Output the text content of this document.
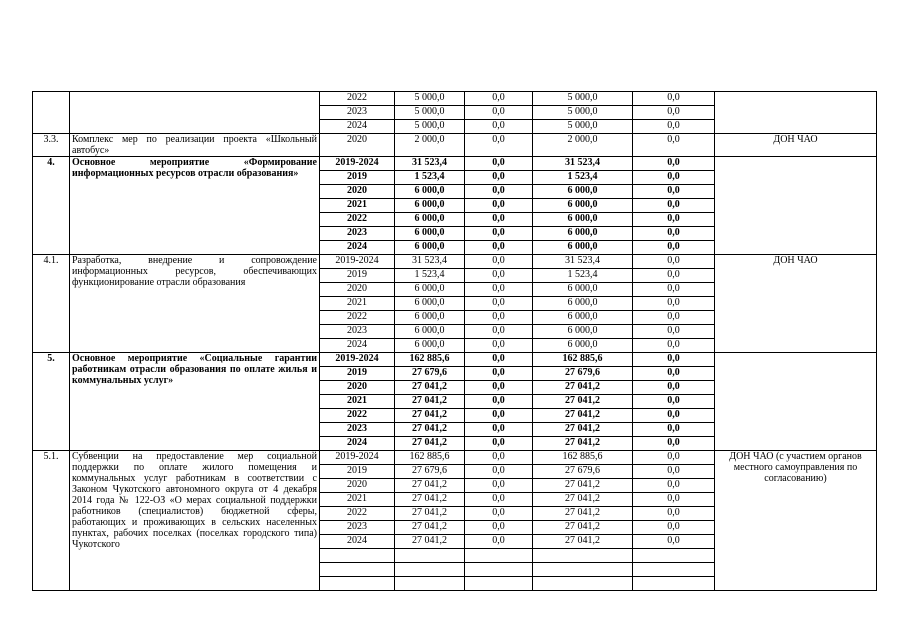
		2022	5 000,0	0,0	5 000,0	0,0	
		2023	5 000,0	0,0	5 000,0	0,0	
		2024	5 000,0	0,0	5 000,0	0,0	
3.3.	Комплекс мер по реализации проекта «Школьный автобус»	2020	2 000,0	0,0	2 000,0	0,0	ДОН ЧАО
4.	Основное мероприятие «Формирование информационных ресурсов отрасли образования»	2019-2024	31 523,4	0,0	31 523,4	0,0	
		2019	1 523,4	0,0	1 523,4	0,0	
		2020	6 000,0	0,0	6 000,0	0,0	
		2021	6 000,0	0,0	6 000,0	0,0	
		2022	6 000,0	0,0	6 000,0	0,0	
		2023	6 000,0	0,0	6 000,0	0,0	
		2024	6 000,0	0,0	6 000,0	0,0	
4.1.	Разработка, внедрение и сопровождение информационных ресурсов, обеспечивающих функционирование отрасли образования	2019-2024	31 523,4	0,0	31 523,4	0,0	ДОН ЧАО
		2019	1 523,4	0,0	1 523,4	0,0	
		2020	6 000,0	0,0	6 000,0	0,0	
		2021	6 000,0	0,0	6 000,0	0,0	
		2022	6 000,0	0,0	6 000,0	0,0	
		2023	6 000,0	0,0	6 000,0	0,0	
		2024	6 000,0	0,0	6 000,0	0,0	
5.	Основное мероприятие «Социальные гарантии работникам отрасли образования по оплате жилья и коммунальных услуг»	2019-2024	162 885,6	0,0	162 885,6	0,0	
		2019	27 679,6	0,0	27 679,6	0,0	
		2020	27 041,2	0,0	27 041,2	0,0	
		2021	27 041,2	0,0	27 041,2	0,0	
		2022	27 041,2	0,0	27 041,2	0,0	
		2023	27 041,2	0,0	27 041,2	0,0	
		2024	27 041,2	0,0	27 041,2	0,0	
5.1.	Субвенции на предоставление мер социальной поддержки по оплате жилого помещения и коммунальных услуг работникам в соответствии с Законом Чукотского автономного округа от 4 декабря 2014 года № 122-ОЗ «О мерах социальной поддержки работников (специалистов) бюджетной сферы, работающих и проживающих в сельских населенных пунктах, рабочих поселках (поселках городского типа) Чукотского	2019-2024	162 885,6	0,0	162 885,6	0,0	ДОН ЧАО (с участием органов местного самоуправления по согласованию)
		2019	27 679,6	0,0	27 679,6	0,0	
		2020	27 041,2	0,0	27 041,2	0,0	
		2021	27 041,2	0,0	27 041,2	0,0	
		2022	27 041,2	0,0	27 041,2	0,0	
		2023	27 041,2	0,0	27 041,2	0,0	
		2024	27 041,2	0,0	27 041,2	0,0	
